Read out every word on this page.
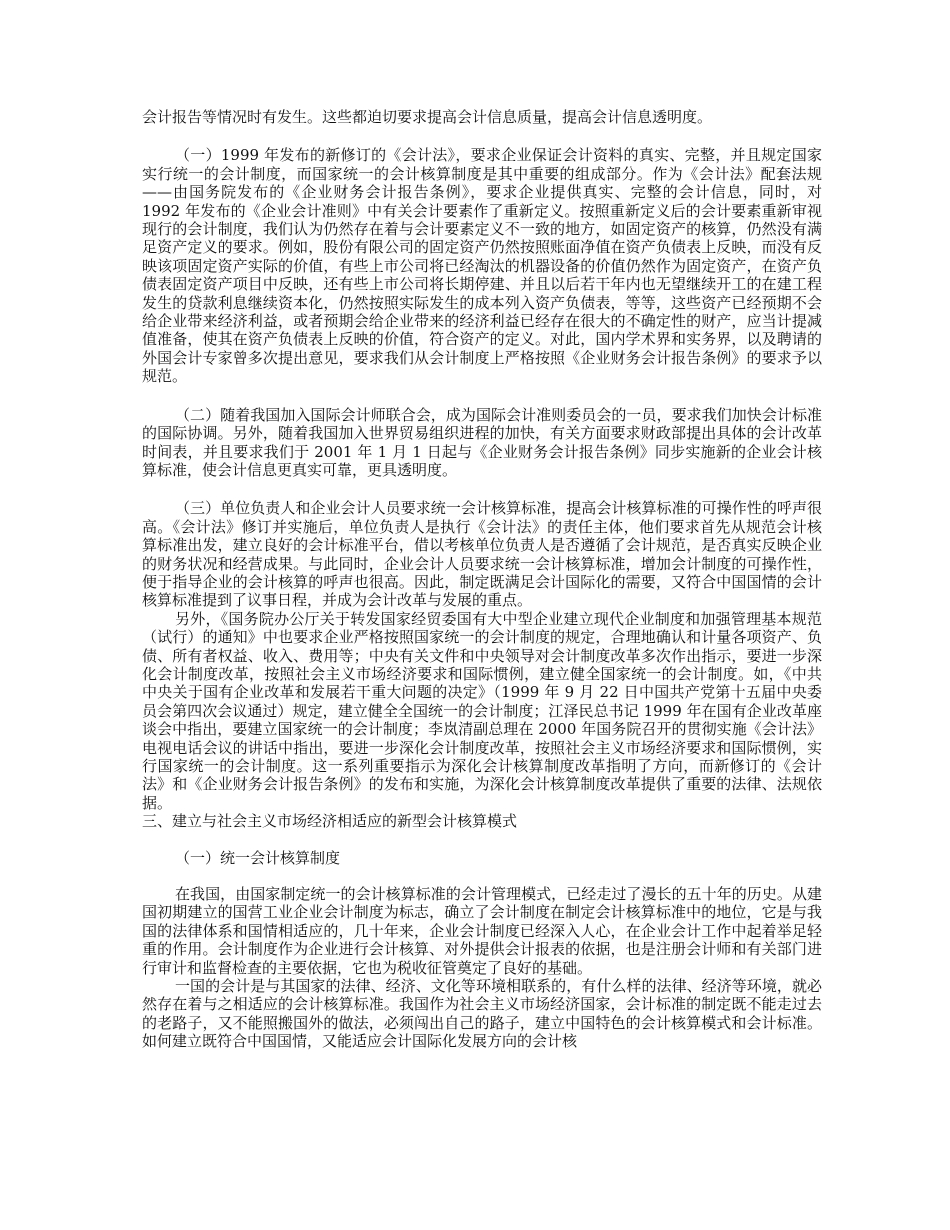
会计报告等情况时有发生。这些都迫切要求提高会计信息质量，提高会计信息透明度。

（一）1999 年发布的新修订的《会计法》，要求企业保证会计资料的真实、完整，并且规定国家实行统一的会计制度，而国家统一的会计核算制度是其中重要的组成部分。作为《会计法》配套法规——由国务院发布的《企业财务会计报告条例》，要求企业提供真实、完整的会计信息，同时，对 1992 年发布的《企业会计准则》中有关会计要素作了重新定义。按照重新定义后的会计要素重新审视现行的会计制度，我们认为仍然存在着与会计要素定义不一致的地方，如固定资产的核算，仍然没有满足资产定义的要求。例如，股份有限公司的固定资产仍然按照账面净值在资产负债表上反映，而没有反映该项固定资产实际的价值，有些上市公司将已经淘汰的机器设备的价值仍然作为固定资产，在资产负债表固定资产项目中反映，还有些上市公司将长期停建、并且以后若干年内也无望继续开工的在建工程发生的贷款利息继续资本化，仍然按照实际发生的成本列入资产负债表，等等，这些资产已经预期不会给企业带来经济利益，或者预期会给企业带来的经济利益已经存在很大的不确定性的财产，应当计提减值准备，使其在资产负债表上反映的价值，符合资产的定义。对此，国内学术界和实务界，以及聘请的外国会计专家曾多次提出意见，要求我们从会计制度上严格按照《企业财务会计报告条例》的要求予以规范。

（二）随着我国加入国际会计师联合会，成为国际会计准则委员会的一员，要求我们加快会计标准的国际协调。另外，随着我国加入世界贸易组织进程的加快，有关方面要求财政部提出具体的会计改革时间表，并且要求我们于 2001 年 1 月 1 日起与《企业财务会计报告条例》同步实施新的企业会计核算标准，使会计信息更真实可靠，更具透明度。

（三）单位负责人和企业会计人员要求统一会计核算标准，提高会计核算标准的可操作性的呼声很高。《会计法》修订并实施后，单位负责人是执行《会计法》的责任主体，他们要求首先从规范会计核算标准出发，建立良好的会计标准平台，借以考核单位负责人是否遵循了会计规范，是否真实反映企业的财务状况和经营成果。与此同时，企业会计人员要求统一会计核算标准，增加会计制度的可操作性，便于指导企业的会计核算的呼声也很高。因此，制定既满足会计国际化的需要，又符合中国国情的会计核算标准提到了议事日程，并成为会计改革与发展的重点。

另外，《国务院办公厅关于转发国家经贸委国有大中型企业建立现代企业制度和加强管理基本规范（试行）的通知》中也要求企业严格按照国家统一的会计制度的规定，合理地确认和计量各项资产、负债、所有者权益、收入、费用等；中央有关文件和中央领导对会计制度改革多次作出指示，要进一步深化会计制度改革，按照社会主义市场经济要求和国际惯例，建立健全国家统一的会计制度。如，《中共中央关于国有企业改革和发展若干重大问题的决定》（1999 年 9 月 22 日中国共产党第十五届中央委员会第四次会议通过）规定，建立健全全国统一的会计制度；江泽民总书记 1999 年在国有企业改革座谈会中指出，要建立国家统一的会计制度；李岚清副总理在 2000 年国务院召开的贯彻实施《会计法》电视电话会议的讲话中指出，要进一步深化会计制度改革，按照社会主义市场经济要求和国际惯例，实行国家统一的会计制度。这一系列重要指示为深化会计核算制度改革指明了方向，而新修订的《会计法》和《企业财务会计报告条例》的发布和实施，为深化会计核算制度改革提供了重要的法律、法规依据。

三、建立与社会主义市场经济相适应的新型会计核算模式

（一）统一会计核算制度

在我国，由国家制定统一的会计核算标准的会计管理模式，已经走过了漫长的五十年的历史。从建国初期建立的国营工业企业会计制度为标志，确立了会计制度在制定会计核算标准中的地位，它是与我国的法律体系和国情相适应的，几十年来，企业会计制度已经深入人心，在企业会计工作中起着举足轻重的作用。会计制度作为企业进行会计核算、对外提供会计报表的依据，也是注册会计师和有关部门进行审计和监督检查的主要依据，它也为税收征管奠定了良好的基础。

一国的会计是与其国家的法律、经济、文化等环境相联系的，有什么样的法律、经济等环境，就必然存在着与之相适应的会计核算标准。我国作为社会主义市场经济国家，会计标准的制定既不能走过去的老路子，又不能照搬国外的做法，必须闯出自己的路子，建立中国特色的会计核算模式和会计标准。如何建立既符合中国国情，又能适应会计国际化发展方向的会计核
